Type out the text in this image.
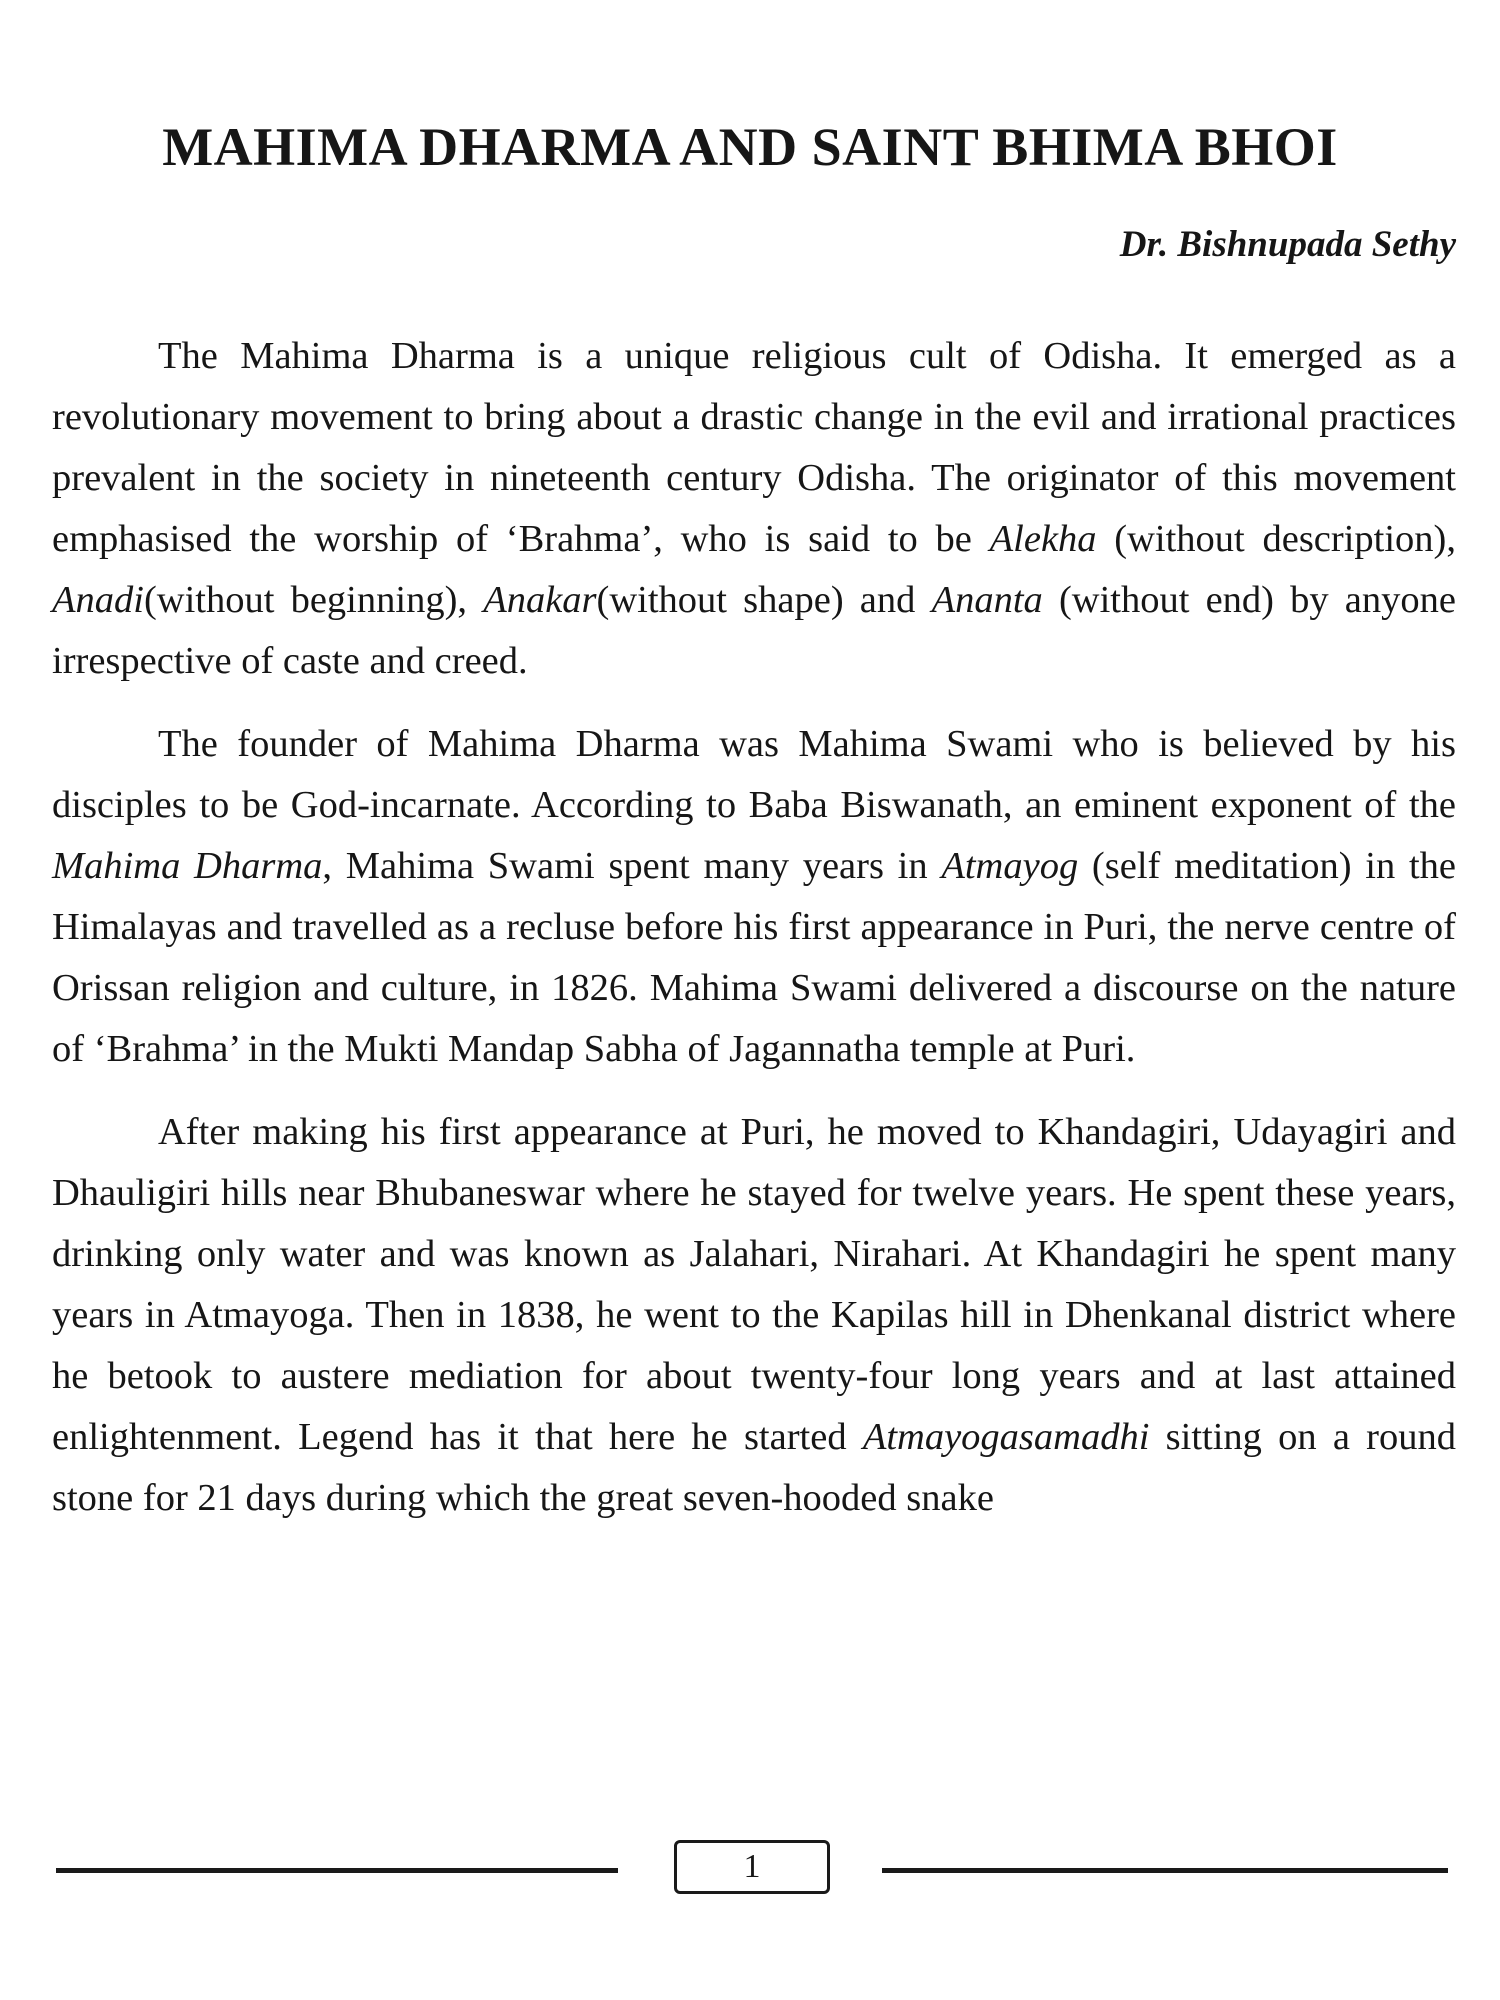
MAHIMA DHARMA AND SAINT BHIMA BHOI

Dr. Bishnupada Sethy

The Mahima Dharma is a unique religious cult of Odisha. It emerged as a revolutionary movement to bring about a drastic change in the evil and irrational practices prevalent in the society in nineteenth century Odisha. The originator of this movement emphasised the worship of ‘Brahma’, who is said to be Alekha (without description), Anadi(without beginning), Anakar(without shape) and Ananta (without end) by anyone irrespective of caste and creed.

The founder of Mahima Dharma was Mahima Swami who is believed by his disciples to be God-incarnate. According to Baba Biswanath, an eminent exponent of the Mahima Dharma, Mahima Swami spent many years in Atmayog (self meditation) in the Himalayas and travelled as a recluse before his first appearance in Puri, the nerve centre of Orissan religion and culture, in 1826. Mahima Swami delivered a discourse on the nature of ‘Brahma’ in the Mukti Mandap Sabha of Jagannatha temple at Puri.

After making his first appearance at Puri, he moved to Khandagiri, Udayagiri and Dhauligiri hills near Bhubaneswar where he stayed for twelve years. He spent these years, drinking only water and was known as Jalahari, Nirahari. At Khandagiri he spent many years in Atmayoga. Then in 1838, he went to the Kapilas hill in Dhenkanal district where he betook to austere mediation for about twenty-four long years and at last attained enlightenment. Legend has it that here he started Atmayogasamadhi sitting on a round stone for 21 days during which the great seven-hooded snake

1
